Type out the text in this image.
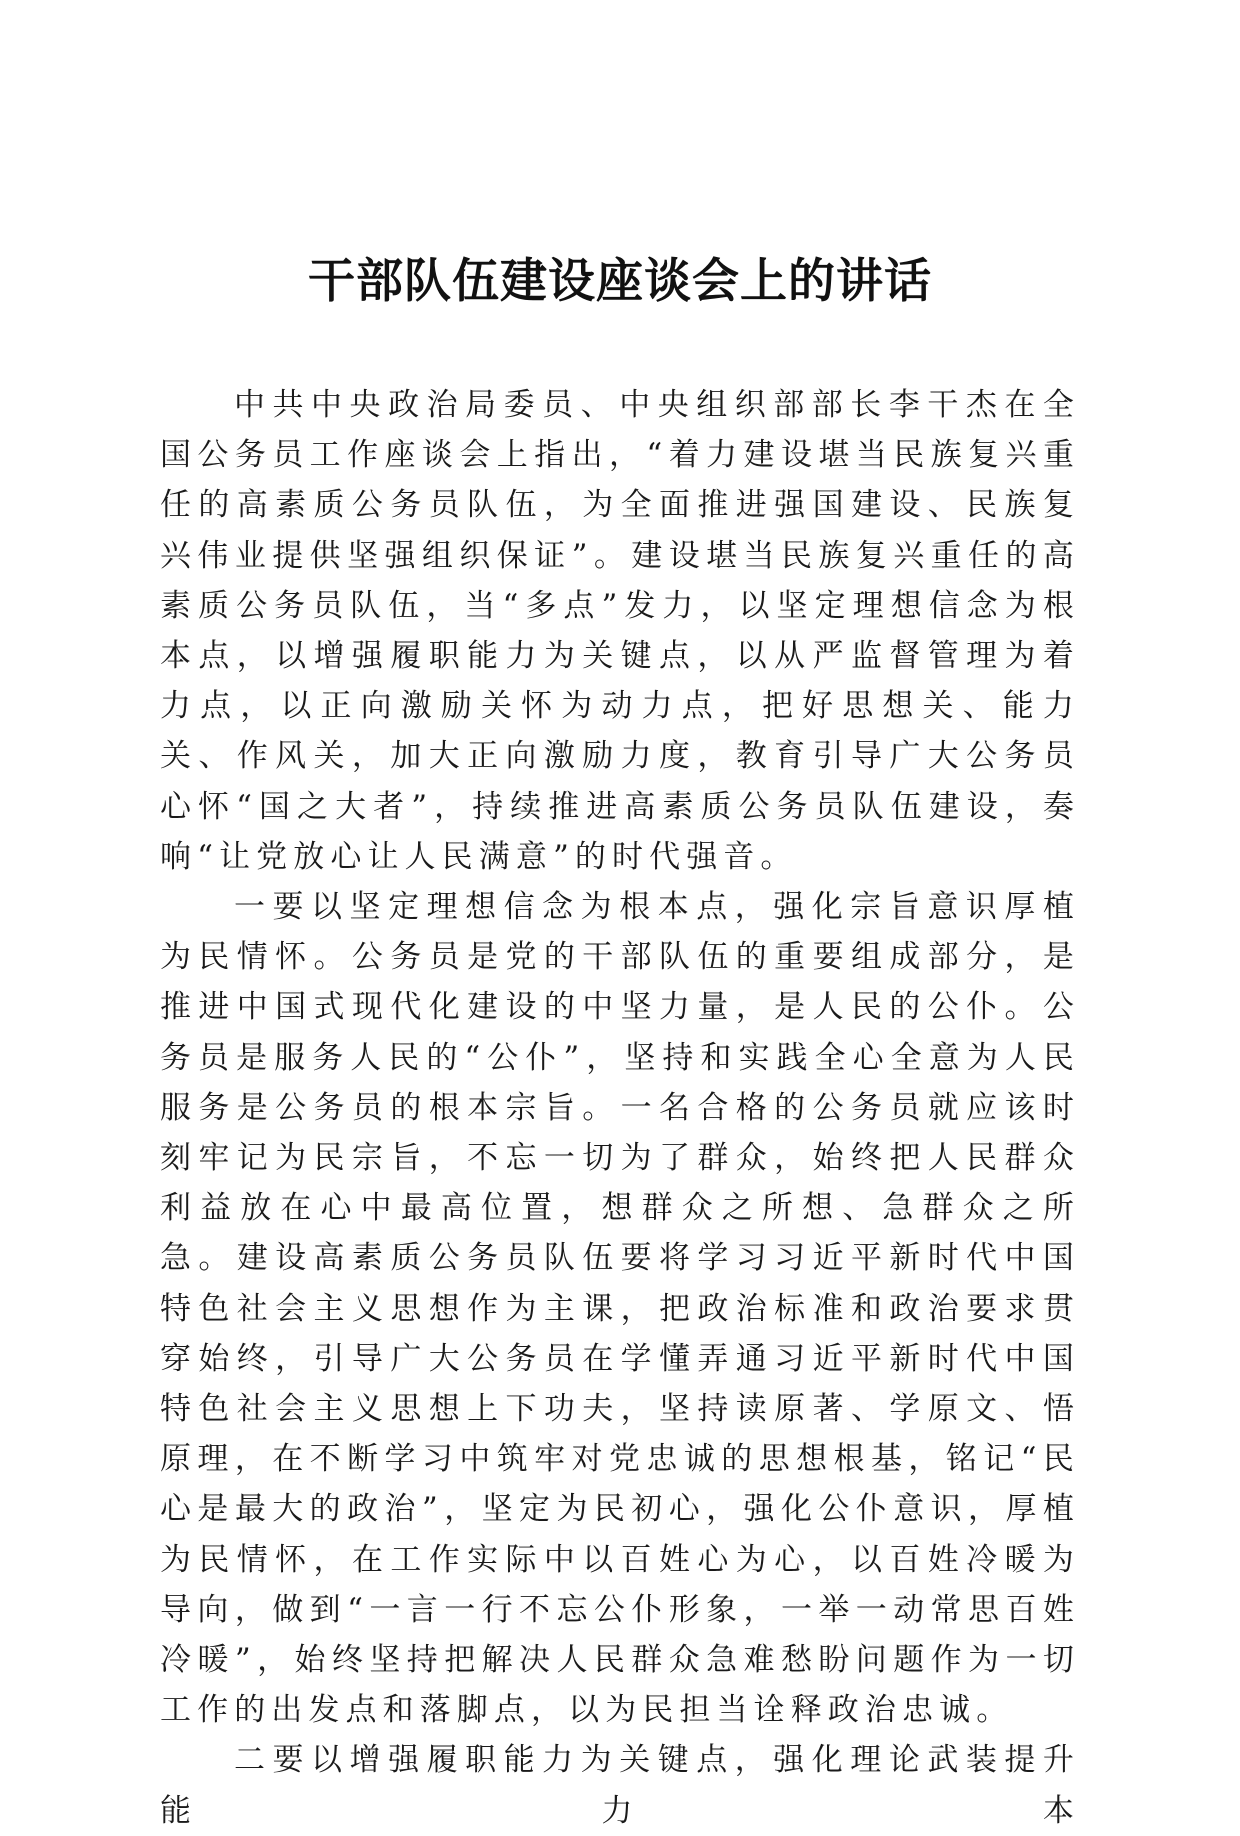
干部队伍建设座谈会上的讲话

中共中央政治局委员、中央组织部部长李干杰在全国公务员工作座谈会上指出，“着力建设堪当民族复兴重任的高素质公务员队伍，为全面推进强国建设、民族复兴伟业提供坚强组织保证”。建设堪当民族复兴重任的高素质公务员队伍，当“多点”发力，以坚定理想信念为根本点，以增强履职能力为关键点，以从严监督管理为着力点，以正向激励关怀为动力点，把好思想关、能力关、作风关，加大正向激励力度，教育引导广大公务员心怀“国之大者”，持续推进高素质公务员队伍建设，奏响“让党放心让人民满意”的时代强音。

一要以坚定理想信念为根本点，强化宗旨意识厚植为民情怀。公务员是党的干部队伍的重要组成部分，是推进中国式现代化建设的中坚力量，是人民的公仆。公务员是服务人民的“公仆”，坚持和实践全心全意为人民服务是公务员的根本宗旨。一名合格的公务员就应该时刻牢记为民宗旨，不忘一切为了群众，始终把人民群众利益放在心中最高位置，想群众之所想、急群众之所急。建设高素质公务员队伍要将学习习近平新时代中国特色社会主义思想作为主课，把政治标准和政治要求贯穿始终，引导广大公务员在学懂弄通习近平新时代中国特色社会主义思想上下功夫，坚持读原著、学原文、悟原理，在不断学习中筑牢对党忠诚的思想根基，铭记“民心是最大的政治”，坚定为民初心，强化公仆意识，厚植为民情怀，在工作实际中以百姓心为心，以百姓冷暖为导向，做到“一言一行不忘公仆形象，一举一动常思百姓冷暖”，始终坚持把解决人民群众急难愁盼问题作为一切工作的出发点和落脚点，以为民担当诠释政治忠诚。

二要以增强履职能力为关键点，强化理论武装提升能力本
